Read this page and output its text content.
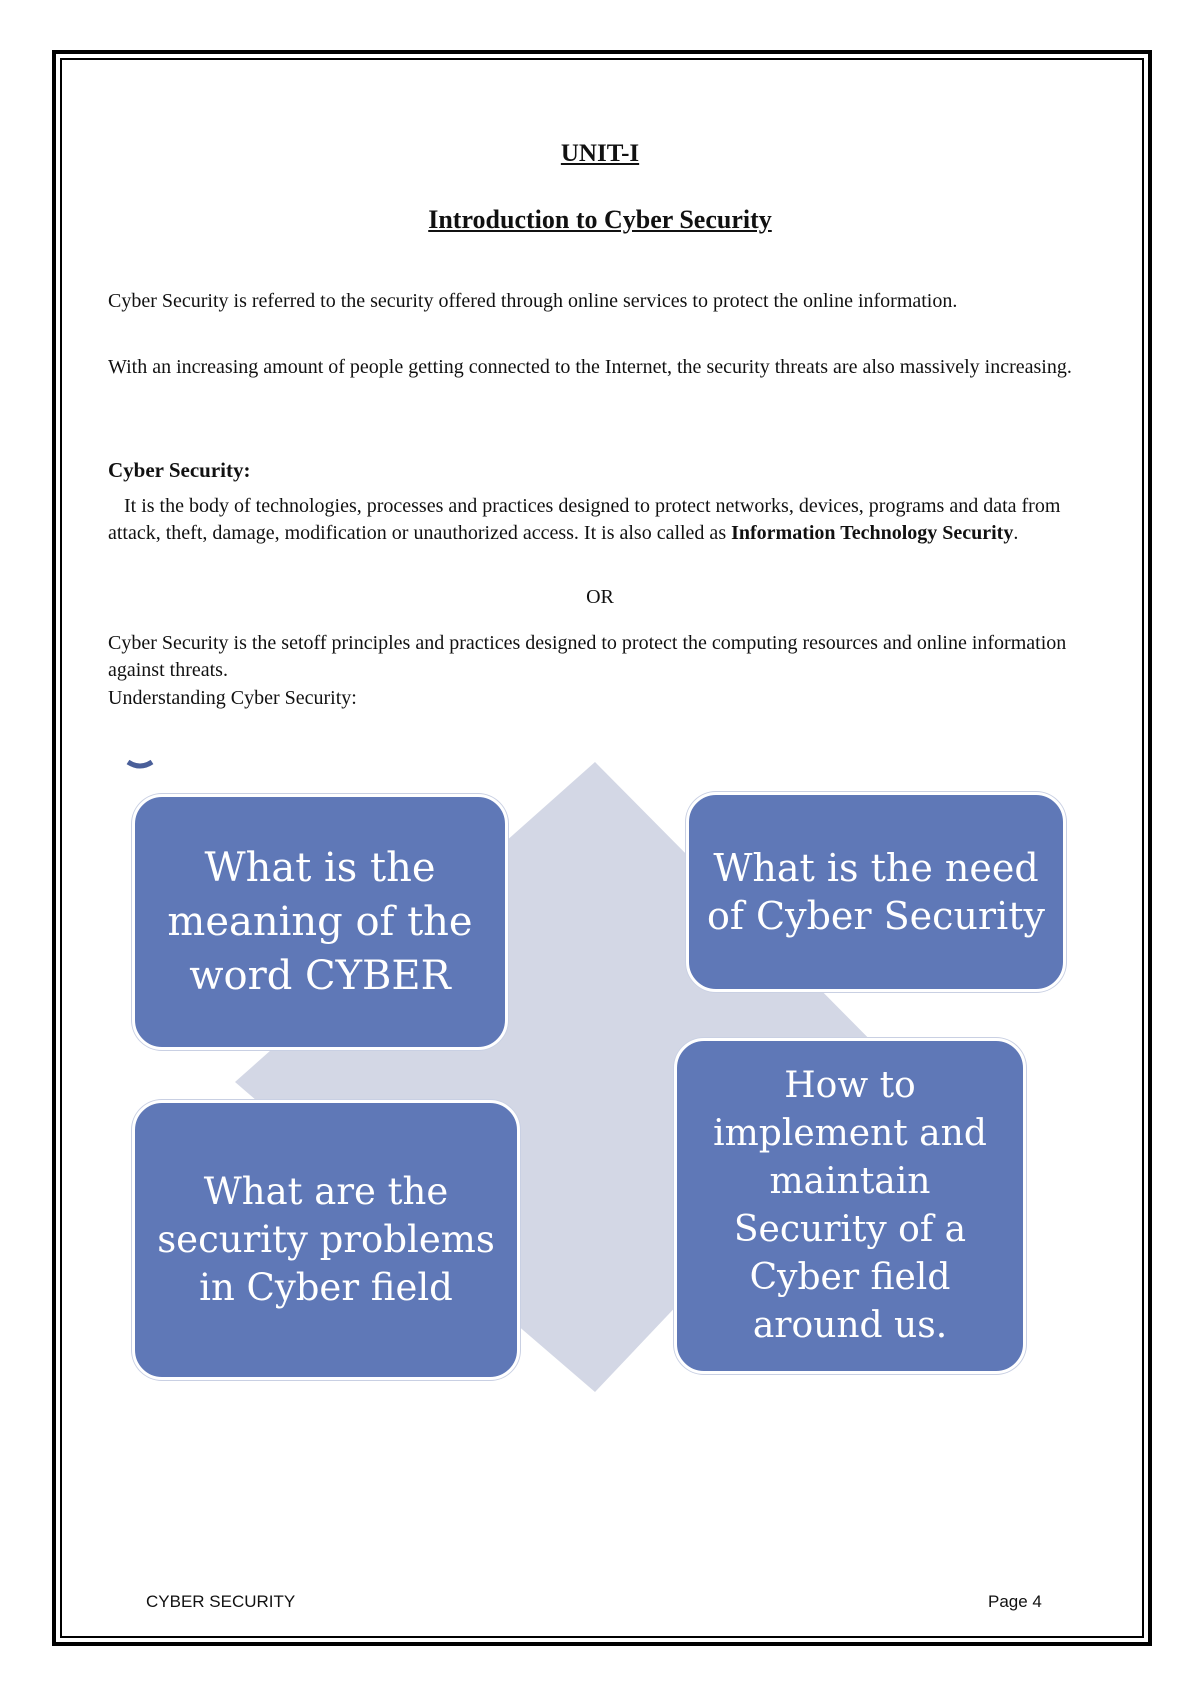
UNIT-I
Introduction to Cyber Security

Cyber Security is referred to the security offered through online services to protect the online information.

With an increasing amount of people getting connected to the Internet, the security threats are also massively increasing.

Cyber Security:

It is the body of technologies, processes and practices designed to protect networks, devices, programs and data from attack, theft, damage, modification or unauthorized access. It is also called as Information Technology Security.

OR

Cyber Security is the setoff principles and practices designed to protect the computing resources and online information against threats.

Understanding Cyber Security:

What is the meaning of the word CYBER
What is the need of Cyber Security
What are the security problems in Cyber field
How to implement and maintain Security of a Cyber field around us.
CYBER SECURITY	Page 4
